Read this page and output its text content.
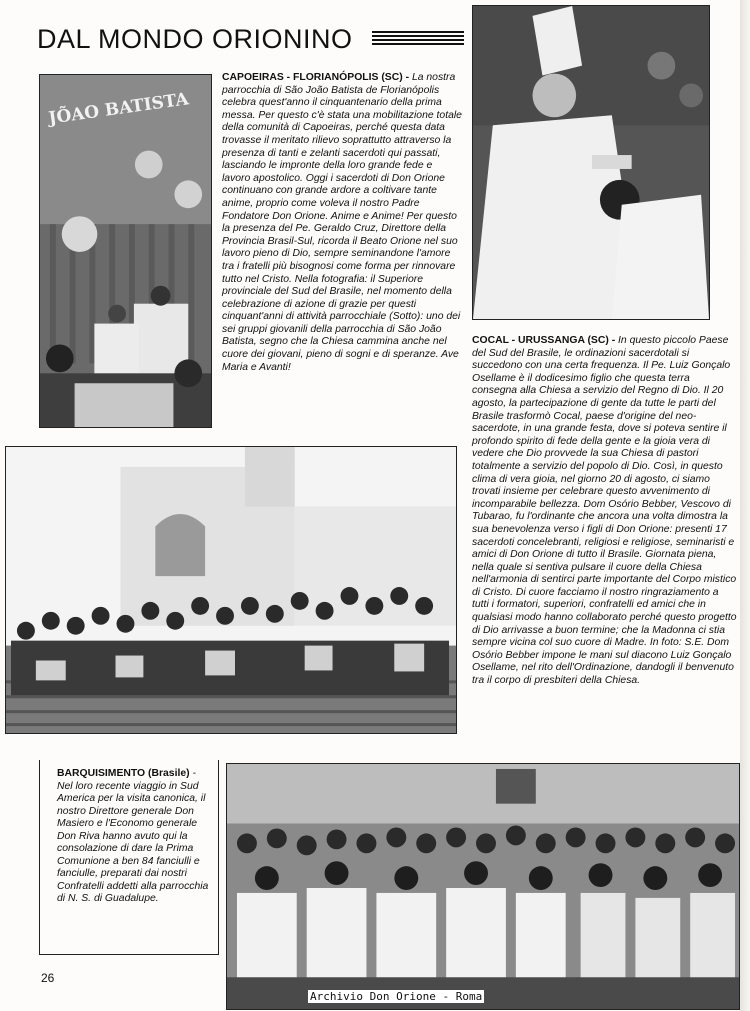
DAL MONDO ORIONINO
JÕAO BATISTA
CAPOEIRAS - FLORIANÓPOLIS (SC) - La nostra parrocchia di São João Batista de Florianópolis celebra quest'anno il cinquantenario della prima messa. Per questo c'è stata una mobilitazione totale della comunità di Capoeiras, perché questa data trovasse il meritato rilievo soprattutto attraverso la presenza di tanti e zelanti sacerdoti qui passati, lasciando le impronte della loro grande fede e lavoro apostolico. Oggi i sacerdoti di Don Orione continuano con grande ardore a coltivare tante anime, proprio come voleva il nostro Padre Fondatore Don Orione. Anime e Anime! Per questo la presenza del Pe. Geraldo Cruz, Direttore della Provincia Brasil-Sul, ricorda il Beato Orione nel suo lavoro pieno di Dio, sempre seminandone l'amore tra i fratelli più bisognosi come forma per rinnovare tutto nel Cristo. Nella fotografia: il Superiore provinciale del Sud del Brasile, nel momento della celebrazione di azione di grazie per questi cinquant'anni di attività parrocchiale (Sotto): uno dei sei gruppi giovanili della parrocchia di São João Batista, segno che la Chiesa cammina anche nel cuore dei giovani, pieno di sogni e di speranze. Ave Maria e Avanti!
COCAL - URUSSANGA (SC) - In questo piccolo Paese del Sud del Brasile, le ordinazioni sacerdotali si succedono con una certa frequenza. Il Pe. Luiz Gonçalo Osellame è il dodicesimo figlio che questa terra consegna alla Chiesa a servizio del Regno di Dio. Il 20 agosto, la partecipazione di gente da tutte le parti del Brasile trasformò Cocal, paese d'origine del neo-sacerdote, in una grande festa, dove si poteva sentire il profondo spirito di fede della gente e la gioia vera di vedere che Dio provvede la sua Chiesa di pastori totalmente a servizio del popolo di Dio. Così, in questo clima di vera gioia, nel giorno 20 di agosto, ci siamo trovati insieme per celebrare questo avvenimento di incomparabile bellezza. Dom Osório Bebber, Vescovo di Tubarao, fu l'ordinante che ancora una volta dimostra la sua benevolenza verso i figli di Don Orione: presenti 17 sacerdoti concelebranti, religiosi e religiose, seminaristi e amici di Don Orione di tutto il Brasile. Giornata piena, nella quale si sentiva pulsare il cuore della Chiesa nell'armonia di sentirci parte importante del Corpo mistico di Cristo. Di cuore facciamo il nostro ringraziamento a tutti i formatori, superiori, confratelli ed amici che in qualsiasi modo hanno collaborato perché questo progetto di Dio arrivasse a buon termine; che la Madonna ci stia sempre vicina col suo cuore di Madre. In foto: S.E. Dom Osório Bebber impone le mani sul diacono Luiz Gonçalo Osellame, nel rito dell'Ordinazione, dandogli il benvenuto tra il corpo di presbiteri della Chiesa.
BARQUISIMENTO (Brasile) - Nel loro recente viaggio in Sud America per la visita canonica, il nostro Direttore generale Don Masiero e l'Economo generale Don Riva hanno avuto qui la consolazione di dare la Prima Comunione a ben 84 fanciulli e fanciulle, preparati dai nostri Confratelli addetti alla parrocchia di N. S. di Guadalupe.
26
Archivio Don Orione - Roma
